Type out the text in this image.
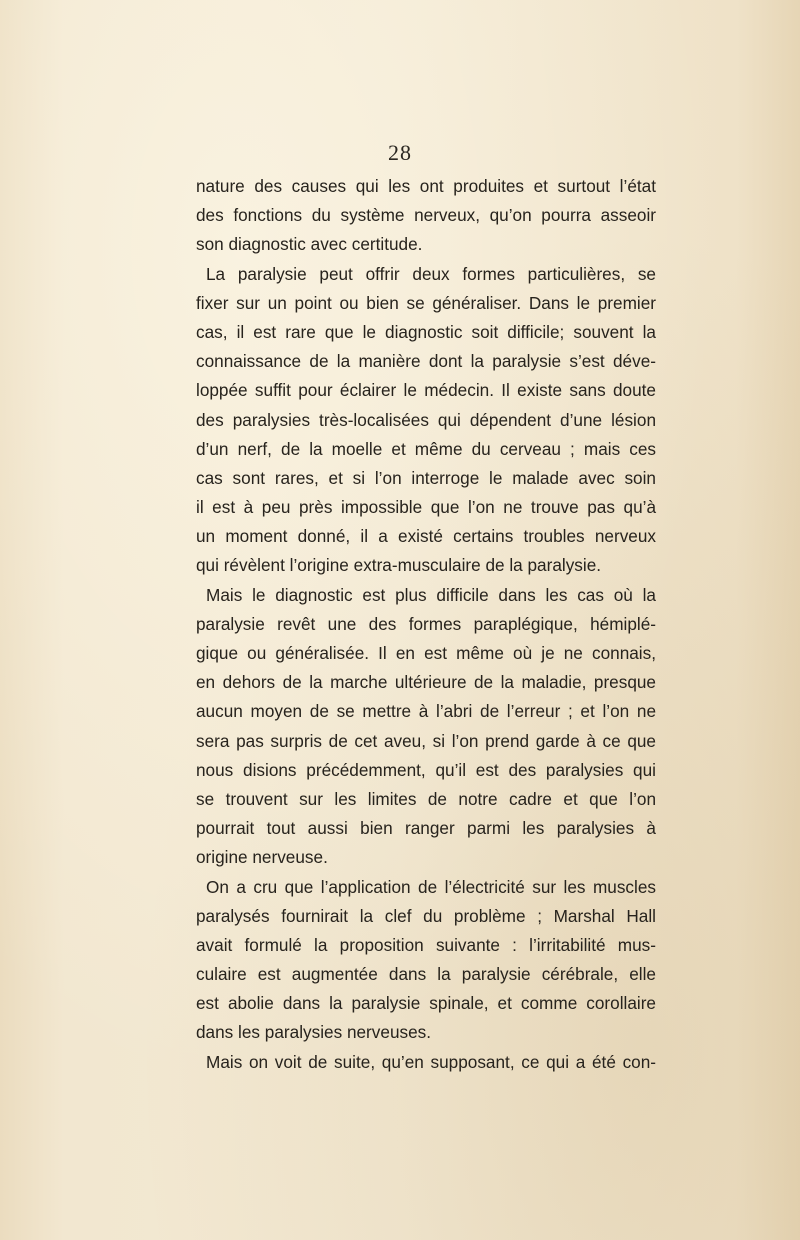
28
nature des causes qui les ont produites et surtout l’état
des fonctions du système nerveux, qu’on pourra asseoir
son diagnostic avec certitude.
La paralysie peut offrir deux formes particulières, se
fixer sur un point ou bien se généraliser. Dans le premier
cas, il est rare que le diagnostic soit difficile; souvent la
connaissance de la manière dont la paralysie s’est déve-
loppée suffit pour éclairer le médecin. Il existe sans doute
des paralysies très-localisées qui dépendent d’une lésion
d’un nerf, de la moelle et même du cerveau ; mais ces
cas sont rares, et si l’on interroge le malade avec soin
il est à peu près impossible que l’on ne trouve pas qu’à
un moment donné, il a existé certains troubles nerveux
qui révèlent l’origine extra-musculaire de la paralysie.
Mais le diagnostic est plus difficile dans les cas où la
paralysie revêt une des formes paraplégique, hémiplé-
gique ou généralisée. Il en est même où je ne connais,
en dehors de la marche ultérieure de la maladie, presque
aucun moyen de se mettre à l’abri de l’erreur ; et l’on ne
sera pas surpris de cet aveu, si l’on prend garde à ce que
nous disions précédemment, qu’il est des paralysies qui
se trouvent sur les limites de notre cadre et que l’on
pourrait tout aussi bien ranger parmi les paralysies à
origine nerveuse.
On a cru que l’application de l’électricité sur les muscles
paralysés fournirait la clef du problème ; Marshal Hall
avait formulé la proposition suivante : l’irritabilité mus-
culaire est augmentée dans la paralysie cérébrale, elle
est abolie dans la paralysie spinale, et comme corollaire
dans les paralysies nerveuses.
Mais on voit de suite, qu’en supposant, ce qui a été con-
